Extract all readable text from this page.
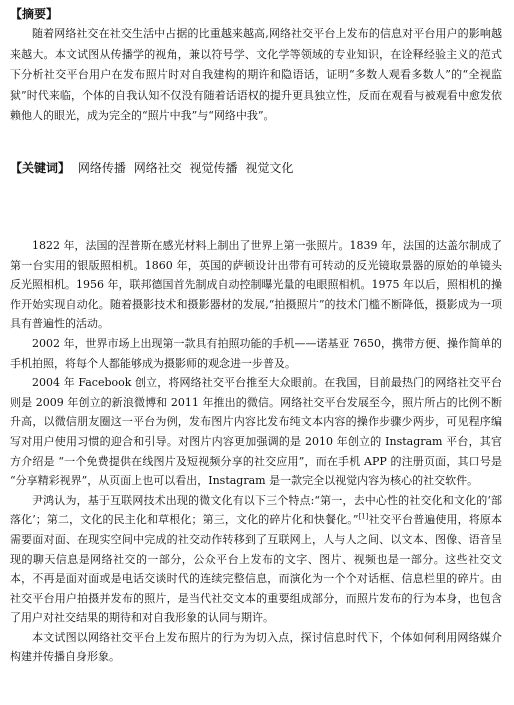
【摘要】
随着网络社交在社交生活中占据的比重越来越高,网络社交平台上发布的信息对平台用户的影响越来越大。本文试图从传播学的视角，兼以符号学、文化学等领域的专业知识，在诠释经验主义的范式下分析社交平台用户在发布照片时对自我建构的期许和隐语话，证明“多数人观看多数人”的“全视监狱”时代来临，个体的自我认知不仅没有随着话语权的提升更具独立性，反而在观看与被观看中愈发依赖他人的眼光，成为完全的“照片中我”与“网络中我”。
【关键词】 网络传播 网络社交 视觉传播 视觉文化

1822 年，法国的涅普斯在感光材料上制出了世界上第一张照片。1839 年，法国的达盖尔制成了第一台实用的银版照相机。1860 年，英国的萨顿设计出带有可转动的反光镜取景器的原始的单镜头反光照相机。1956 年，联邦德国首先制成自动控制曝光量的电眼照相机。1975 年以后，照相机的操作开始实现自动化。随着摄影技术和摄影器材的发展,“拍摄照片”的技术门槛不断降低，摄影成为一项具有普遍性的活动。

2002 年，世界市场上出现第一款具有拍照功能的手机——诺基亚 7650，携带方便、操作简单的手机拍照，将每个人都能够成为摄影师的观念进一步普及。

2004 年 Facebook 创立，将网络社交平台推至大众眼前。在我国，目前最热门的网络社交平台则是 2009 年创立的新浪微博和 2011 年推出的微信。网络社交平台发展至今，照片所占的比例不断升高，以微信朋友圈这一平台为例，发布图片内容比发布纯文本内容的操作步骤少两步，可见程序编写对用户使用习惯的迎合和引导。对图片内容更加强调的是 2010 年创立的 Instagram 平台，其官方介绍是 “一个免费提供在线图片及短视频分享的社交应用”，而在手机 APP 的注册页面，其口号是 “分享精彩视界”，从页面上也可以看出，Instagram 是一款完全以视觉内容为核心的社交软件。

尹鸿认为，基于互联网技术出现的微文化有以下三个特点:“第一，去中心性的社交化和文化的‘部落化’；第二，文化的民主化和草根化；第三，文化的碎片化和快餐化。”[1]社交平台普遍使用，将原本需要面对面、在现实空间中完成的社交动作转移到了互联网上，人与人之间、以文本、图像、语音呈现的聊天信息是网络社交的一部分，公众平台上发布的文字、图片、视频也是一部分。这些社交文本，不再是面对面或是电话交谈时代的连续完整信息，而演化为一个个对话框、信息栏里的碎片。由社交平台用户拍摄并发布的照片，是当代社交文本的重要组成部分，而照片发布的行为本身，也包含了用户对社交结果的期待和对自我形象的认同与期许。

本文试图以网络社交平台上发布照片的行为为切入点，探讨信息时代下，个体如何利用网络媒介构建并传播自身形象。
